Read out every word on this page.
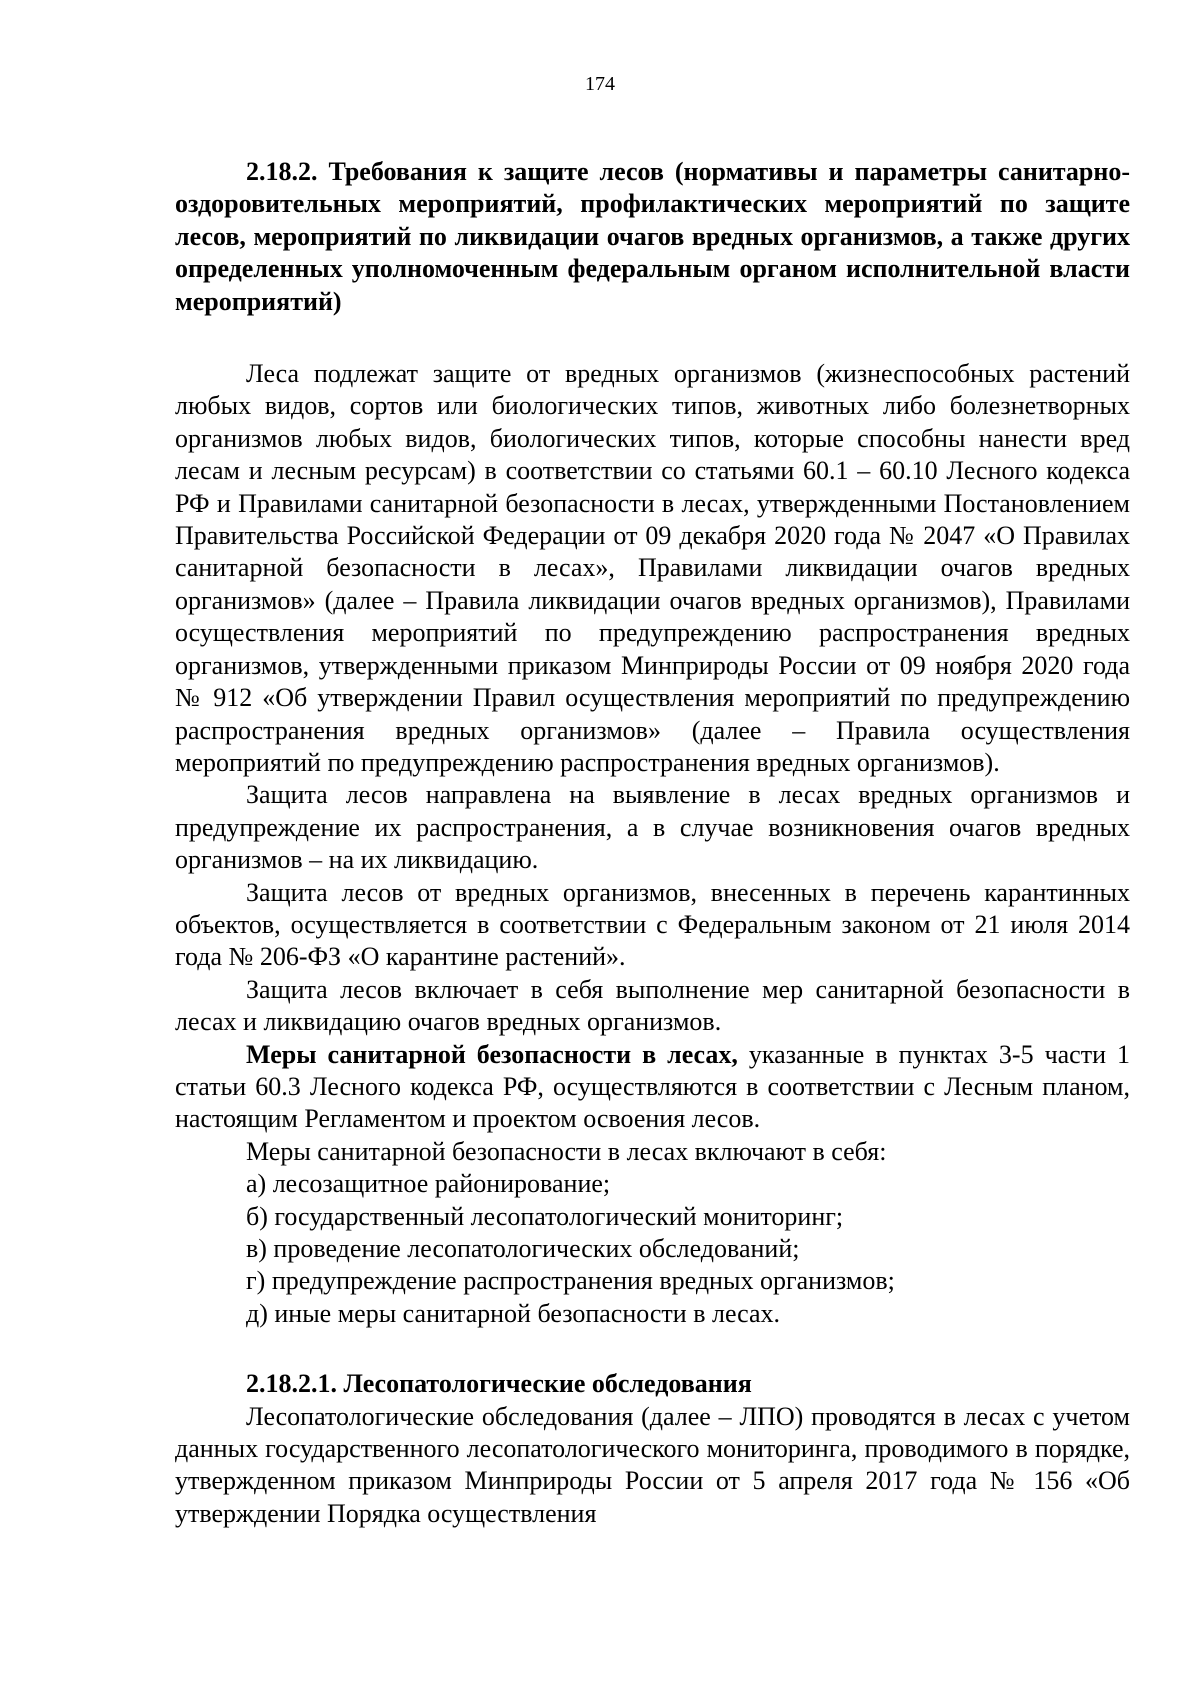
174

2.18.2. Требования к защите лесов (нормативы и параметры санитарно-оздоровительных мероприятий, профилактических мероприятий по защите лесов, мероприятий по ликвидации очагов вредных организмов, а также других определенных уполномоченным федеральным органом исполнительной власти мероприятий)

Леса подлежат защите от вредных организмов (жизнеспособных растений любых видов, сортов или биологических типов, животных либо болезнетворных организмов любых видов, биологических типов, которые способны нанести вред лесам и лесным ресурсам) в соответствии со статьями 60.1 – 60.10 Лесного кодекса РФ и Правилами санитарной безопасности в лесах, утвержденными Постановлением Правительства Российской Федерации от 09 декабря 2020 года № 2047 «О Правилах санитарной безопасности в лесах», Правилами ликвидации очагов вредных организмов» (далее – Правила ликвидации очагов вредных организмов), Правилами осуществления мероприятий по предупреждению распространения вредных организмов, утвержденными приказом Минприроды России от 09 ноября 2020 года № 912 «Об утверждении Правил осуществления мероприятий по предупреждению распространения вредных организмов» (далее – Правила осуществления мероприятий по предупреждению распространения вредных организмов).

Защита лесов направлена на выявление в лесах вредных организмов и предупреждение их распространения, а в случае возникновения очагов вредных организмов – на их ликвидацию.

Защита лесов от вредных организмов, внесенных в перечень карантинных объектов, осуществляется в соответствии с Федеральным законом от 21 июля 2014 года № 206-ФЗ «О карантине растений».

Защита лесов включает в себя выполнение мер санитарной безопасности в лесах и ликвидацию очагов вредных организмов.

Меры санитарной безопасности в лесах, указанные в пунктах 3-5 части 1 статьи 60.3 Лесного кодекса РФ, осуществляются в соответствии с Лесным планом, настоящим Регламентом и проектом освоения лесов.

Меры санитарной безопасности в лесах включают в себя:

а) лесозащитное районирование;

б) государственный лесопатологический мониторинг;

в) проведение лесопатологических обследований;

г) предупреждение распространения вредных организмов;

д) иные меры санитарной безопасности в лесах.

2.18.2.1. Лесопатологические обследования

Лесопатологические обследования (далее – ЛПО) проводятся в лесах с учетом данных государственного лесопатологического мониторинга, проводимого в порядке, утвержденном приказом Минприроды России от 5 апреля 2017 года № 156 «Об утверждении Порядка осуществления
